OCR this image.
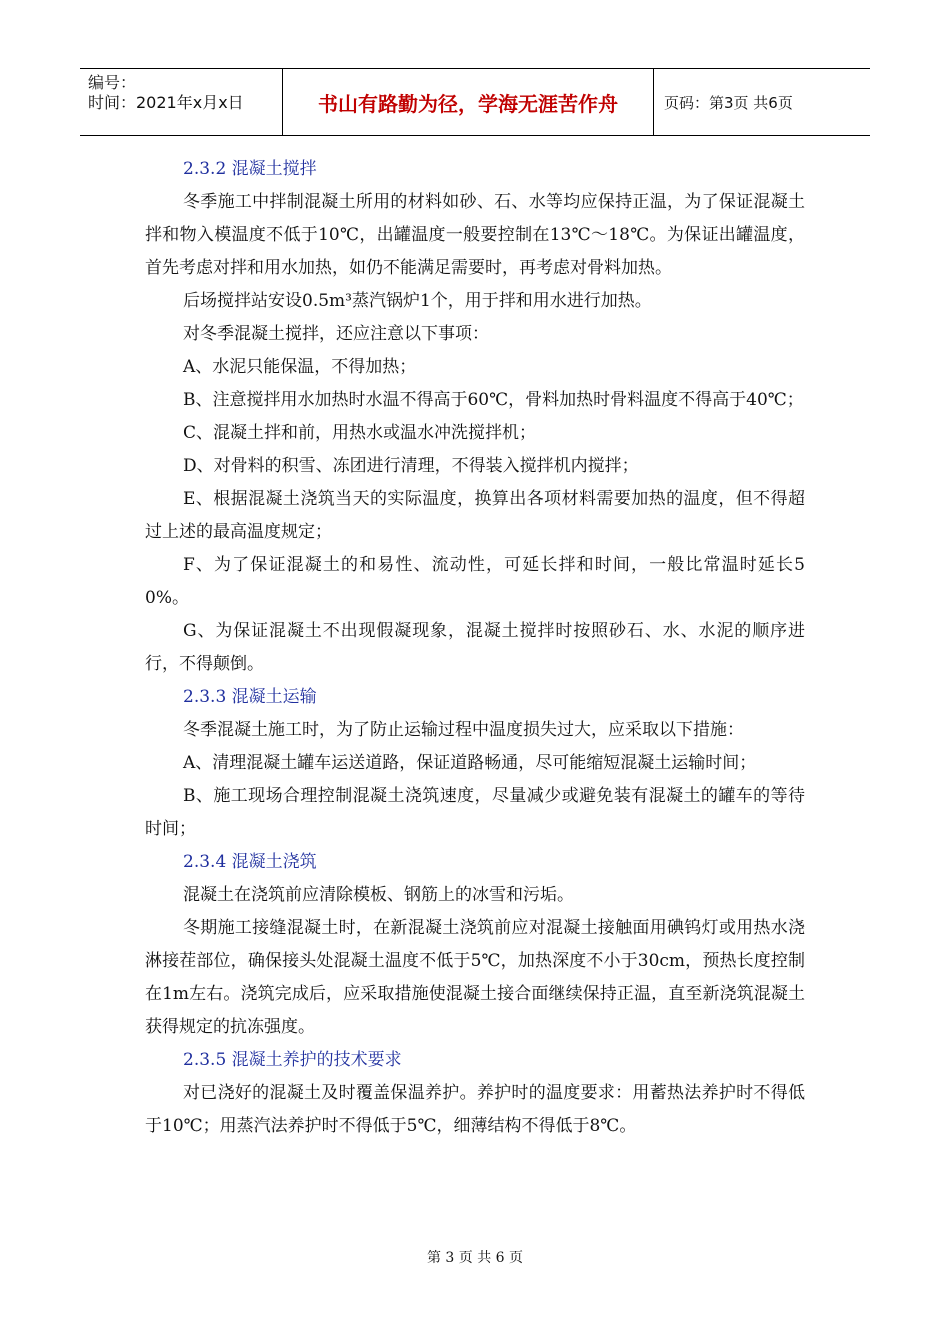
编号：
时间：2021年x月x日	书山有路勤为径，学海无涯苦作舟	页码：第3页 共6页
2.3.2 混凝土搅拌
冬季施工中拌制混凝土所用的材料如砂、石、水等均应保持正温，为了保证混凝土拌和物入模温度不低于10℃，出罐温度一般要控制在13℃～18℃。为保证出罐温度，首先考虑对拌和用水加热，如仍不能满足需要时，再考虑对骨料加热。
后场搅拌站安设0.5m³蒸汽锅炉1个，用于拌和用水进行加热。
对冬季混凝土搅拌，还应注意以下事项：
A、水泥只能保温，不得加热；
B、注意搅拌用水加热时水温不得高于60℃，骨料加热时骨料温度不得高于40℃；
C、混凝土拌和前，用热水或温水冲洗搅拌机；
D、对骨料的积雪、冻团进行清理，不得装入搅拌机内搅拌；
E、根据混凝土浇筑当天的实际温度，换算出各项材料需要加热的温度，但不得超过上述的最高温度规定；
F、为了保证混凝土的和易性、流动性，可延长拌和时间，一般比常温时延长50%。
G、为保证混凝土不出现假凝现象，混凝土搅拌时按照砂石、水、水泥的顺序进行，不得颠倒。
2.3.3 混凝土运输
冬季混凝土施工时，为了防止运输过程中温度损失过大，应采取以下措施：
A、清理混凝土罐车运送道路，保证道路畅通，尽可能缩短混凝土运输时间；
B、施工现场合理控制混凝土浇筑速度，尽量减少或避免装有混凝土的罐车的等待时间；
2.3.4 混凝土浇筑
混凝土在浇筑前应清除模板、钢筋上的冰雪和污垢。
冬期施工接缝混凝土时，在新混凝土浇筑前应对混凝土接触面用碘钨灯或用热水浇淋接茬部位，确保接头处混凝土温度不低于5℃，加热深度不小于30cm，预热长度控制在1m左右。浇筑完成后，应采取措施使混凝土接合面继续保持正温，直至新浇筑混凝土获得规定的抗冻强度。
2.3.5 混凝土养护的技术要求
对已浇好的混凝土及时覆盖保温养护。养护时的温度要求：用蓄热法养护时不得低于10℃；用蒸汽法养护时不得低于5℃，细薄结构不得低于8℃。
第 3 页 共 6 页
